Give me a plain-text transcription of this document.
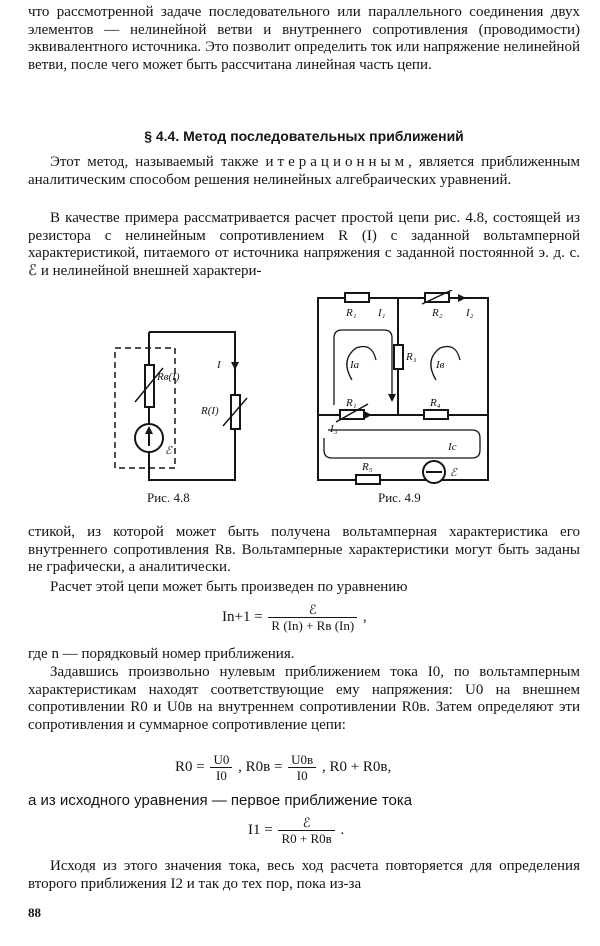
что рассмотренной задаче последовательного или параллельного соединения двух элементов — нелинейной ветви и внутреннего сопротивления (проводимости) эквивалентного источника. Это позволит определить ток или напряжение нелинейной ветви, после чего может быть рассчитана линейная часть цепи.

§ 4.4. Метод последовательных приближений

Этот метод, называемый также итерационным, является приближенным аналитическим способом решения нелинейных алгебраических уравнений.

В качестве примера рассматривается расчет простой цепи рис. 4.8, состоящей из резистора с нелинейным сопротивлением R (I) с заданной вольтамперной характеристикой, питаемого от источника напряжения с заданной постоянной э. д. с. ℰ и нелинейной внешней характери-

Rв(I)
R(I)
I
ℰ
Рис. 4.8
R₁ I₁	R₂ I₂
R₃
Iа	Iв
R₁	R₄
I₃
Iс
R₅	ℰ
Рис. 4.9

стикой, из которой может быть получена вольтамперная характеристика его внутреннего сопротивления Rв. Вольтамперные характеристики могут быть заданы не графически, а аналитически.

Расчет этой цепи может быть произведен по уравнению

$In+1 = \frac{\text{ℰ}}{R (In) + Rв (In)}$ ,

где n — порядковый номер приближения.

Задавшись произвольно нулевым приближением тока I0, по вольтамперным характеристикам находят соответствующие ему напряжения: U0 на внешнем сопротивлении R0 и U0в на внутреннем сопротивлении R0в. Затем определяют эти сопротивления и суммарное сопротивление цепи:

$R0 = \frac{U0}{I0}$ , $R0в = \frac{U0в}{I0}$ , R0 + R0в,
а из исходного уравнения — первое приближение тока
$I1 = \frac{\text{ℰ}}{R0 + R0в}$ .

Исходя из этого значения тока, весь ход расчета повторяется для определения второго приближения I2 и так до тех пор, пока из-за

88
